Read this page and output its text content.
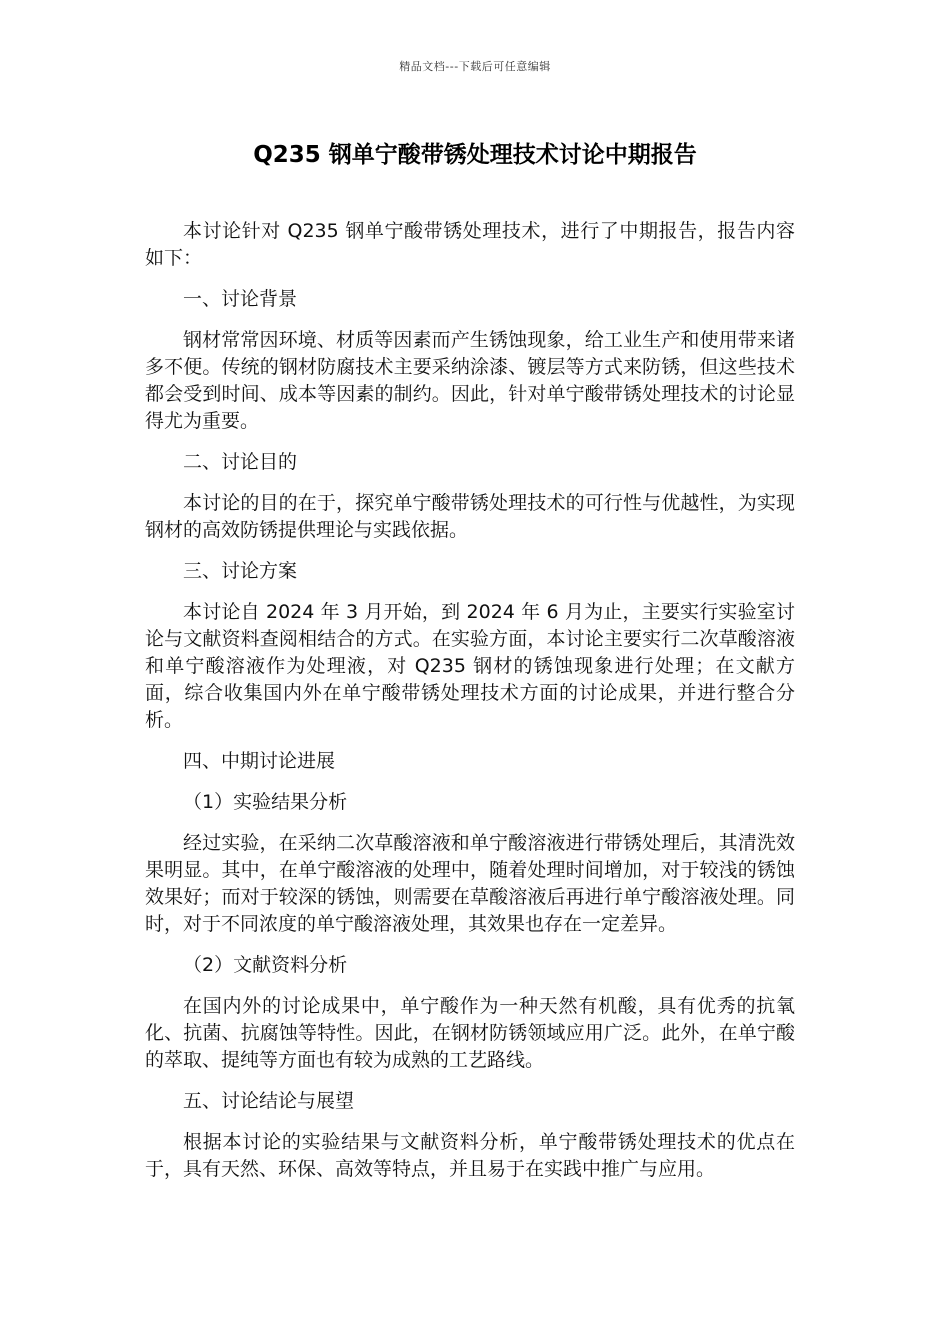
精品文档---下载后可任意编辑
Q235 钢单宁酸带锈处理技术讨论中期报告

本讨论针对 Q235 钢单宁酸带锈处理技术，进行了中期报告，报告内容如下：

一、讨论背景

钢材常常因环境、材质等因素而产生锈蚀现象，给工业生产和使用带来诸多不便。传统的钢材防腐技术主要采纳涂漆、镀层等方式来防锈，但这些技术都会受到时间、成本等因素的制约。因此，针对单宁酸带锈处理技术的讨论显得尤为重要。

二、讨论目的

本讨论的目的在于，探究单宁酸带锈处理技术的可行性与优越性，为实现钢材的高效防锈提供理论与实践依据。

三、讨论方案

本讨论自 2024 年 3 月开始，到 2024 年 6 月为止，主要实行实验室讨论与文献资料查阅相结合的方式。在实验方面，本讨论主要实行二次草酸溶液和单宁酸溶液作为处理液，对 Q235 钢材的锈蚀现象进行处理；在文献方面，综合收集国内外在单宁酸带锈处理技术方面的讨论成果，并进行整合分析。

四、中期讨论进展

（1）实验结果分析

经过实验，在采纳二次草酸溶液和单宁酸溶液进行带锈处理后，其清洗效果明显。其中，在单宁酸溶液的处理中，随着处理时间增加，对于较浅的锈蚀效果好；而对于较深的锈蚀，则需要在草酸溶液后再进行单宁酸溶液处理。同时，对于不同浓度的单宁酸溶液处理，其效果也存在一定差异。

（2）文献资料分析

在国内外的讨论成果中，单宁酸作为一种天然有机酸，具有优秀的抗氧化、抗菌、抗腐蚀等特性。因此，在钢材防锈领域应用广泛。此外，在单宁酸的萃取、提纯等方面也有较为成熟的工艺路线。

五、讨论结论与展望

根据本讨论的实验结果与文献资料分析，单宁酸带锈处理技术的优点在于，具有天然、环保、高效等特点，并且易于在实践中推广与应用。
